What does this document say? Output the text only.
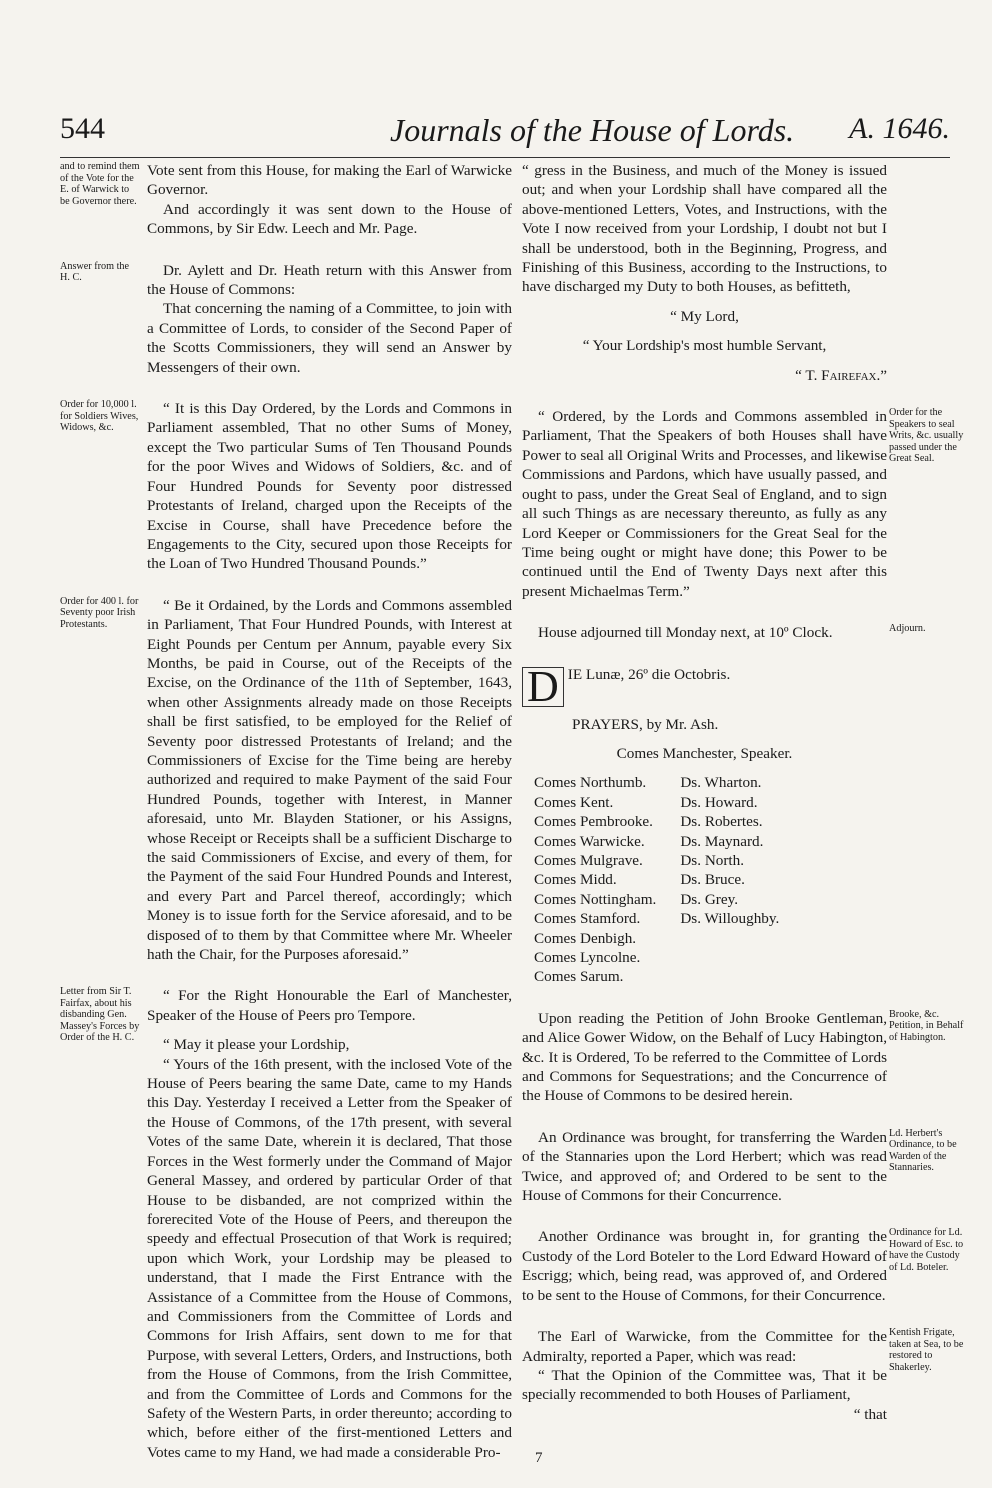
544	Journals of the House of Lords. A. 1646.
and to remind them of the Vote for the E. of Warwick to be Governor there.
Vote sent from this House, for making the Earl of Warwicke Governor.
And accordingly it was sent down to the House of Commons, by Sir Edw. Leech and Mr. Page.
Answer from the H. C.	Dr. Aylett and Dr. Heath return with this Answer from the House of Commons:
That concerning the naming of a Committee, to join with a Committee of Lords, to consider of the Second Paper of the Scotts Commissioners, they will send an Answer by Messengers of their own.
Order for 10,000 l. for Soldiers Wives, Widows, &c.
“ It is this Day Ordered, by the Lords and Commons in Parliament assembled, That no other Sums of Money, except the Two particular Sums of Ten Thousand Pounds for the poor Wives and Widows of Soldiers, &c. and of Four Hundred Pounds for Seventy poor distressed Protestants of Ireland, charged upon the Receipts of the Excise in Course, shall have Precedence before the Engagements to the City, secured upon those Receipts for the Loan of Two Hundred Thousand Pounds.”
Order for 400 l. for Seventy poor Irish Protestants.
“ Be it Ordained, by the Lords and Commons assembled in Parliament, That Four Hundred Pounds, with Interest at Eight Pounds per Centum per Annum, payable every Six Months, be paid in Course, out of the Receipts of the Excise, on the Ordinance of the 11th of September, 1643, when other Assignments already made on those Receipts shall be first satisfied, to be employed for the Relief of Seventy poor distressed Protestants of Ireland; and the Commissioners of Excise for the Time being are hereby authorized and required to make Payment of the said Four Hundred Pounds, together with Interest, in Manner aforesaid, unto Mr. Blayden Stationer, or his Assigns, whose Receipt or Receipts shall be a sufficient Discharge to the said Commissioners of Excise, and every of them, for the Payment of the said Four Hundred Pounds and Interest, and every Part and Parcel thereof, accordingly; which Money is to issue forth for the Service aforesaid, and to be disposed of to them by that Committee where Mr. Wheeler hath the Chair, for the Purposes aforesaid.”
Letter from Sir T. Fairfax, about his disbanding Gen. Massey's Forces by Order of the H. C.
“ For the Right Honourable the Earl of Manchester, Speaker of the House of Peers pro Tempore.
“ May it please your Lordship,
“ Yours of the 16th present, with the inclosed Vote of the House of Peers bearing the same Date, came to my Hands this Day. Yesterday I received a Letter from the Speaker of the House of Commons, of the 17th present, with several Votes of the same Date, wherein it is declared, That those Forces in the West formerly under the Command of Major General Massey, and ordered by particular Order of that House to be disbanded, are not comprized within the forerecited Vote of the House of Peers, and thereupon the speedy and effectual Prosecution of that Work is required; upon which Work, your Lordship may be pleased to understand, that I made the First Entrance with the Assistance of a Committee from the House of Commons, and Commissioners from the Committee of Lords and Commons for Irish Affairs, sent down to me for that Purpose, with several Letters, Orders, and Instructions, both from the House of Commons, from the Irish Committee, and from the Committee of Lords and Commons for the Safety of the Western Parts, in order thereunto; according to which, before either of the first-mentioned Letters and Votes came to my Hand, we had made a considerable Pro-
“ gress in the Business, and much of the Money is issued out; and when your Lordship shall have compared all the above-mentioned Letters, Votes, and Instructions, with the Vote I now received from your Lordship, I doubt not but I shall be understood, both in the Beginning, Progress, and Finishing of this Business, according to the Instructions, to have discharged my Duty to both Houses, as befitteth,
“ My Lord,
“ Your Lordship's most humble Servant,
“ T. Fairefax.”
Order for the Speakers to seal Writs, &c. usually passed under the Great Seal.
“ Ordered, by the Lords and Commons assembled in Parliament, That the Speakers of both Houses shall have Power to seal all Original Writs and Processes, and likewise Commissions and Pardons, which have usually passed, and ought to pass, under the Great Seal of England, and to sign all such Things as are necessary thereunto, as fully as any Lord Keeper or Commissioners for the Great Seal for the Time being ought or might have done; this Power to be continued until the End of Twenty Days next after this present Michaelmas Term.”
Adjourn.
House adjourned till Monday next, at 10º Clock.
D IE Lunæ, 26º die Octobris.
PRAYERS, by Mr. Ash.
Comes Manchester, Speaker.
Comes Northumb.
Comes Kent.
Comes Pembrooke.
Comes Warwicke.
Comes Mulgrave.
Comes Midd.
Comes Nottingham.
Comes Stamford.
Comes Denbigh.
Comes Lyncolne.
Comes Sarum.
Ds. Wharton.
Ds. Howard.
Ds. Robertes.
Ds. Maynard.
Ds. North.
Ds. Bruce.
Ds. Grey.
Ds. Willoughby.
Brooke, &c. Petition, in Behalf of Habington.
Upon reading the Petition of John Brooke Gentleman, and Alice Gower Widow, on the Behalf of Lucy Habington, &c. It is Ordered, To be referred to the Committee of Lords and Commons for Sequestrations; and the Concurrence of the House of Commons to be desired herein.
Ld. Herbert's Ordinance, to be Warden of the Stannaries.
An Ordinance was brought, for transferring the Warden of the Stannaries upon the Lord Herbert; which was read Twice, and approved of; and Ordered to be sent to the House of Commons for their Concurrence.
Ordinance for Ld. Howard of Esc. to have the Custody of Ld. Boteler.
Another Ordinance was brought in, for granting the Custody of the Lord Boteler to the Lord Edward Howard of Escrigg; which, being read, was approved of, and Ordered to be sent to the House of Commons, for their Concurrence.
Kentish Frigate, taken at Sea, to be restored to Shakerley.
The Earl of Warwicke, from the Committee for the Admiralty, reported a Paper, which was read:
“ That the Opinion of the Committee was, That it be specially recommended to both Houses of Parliament,
“ that
7
